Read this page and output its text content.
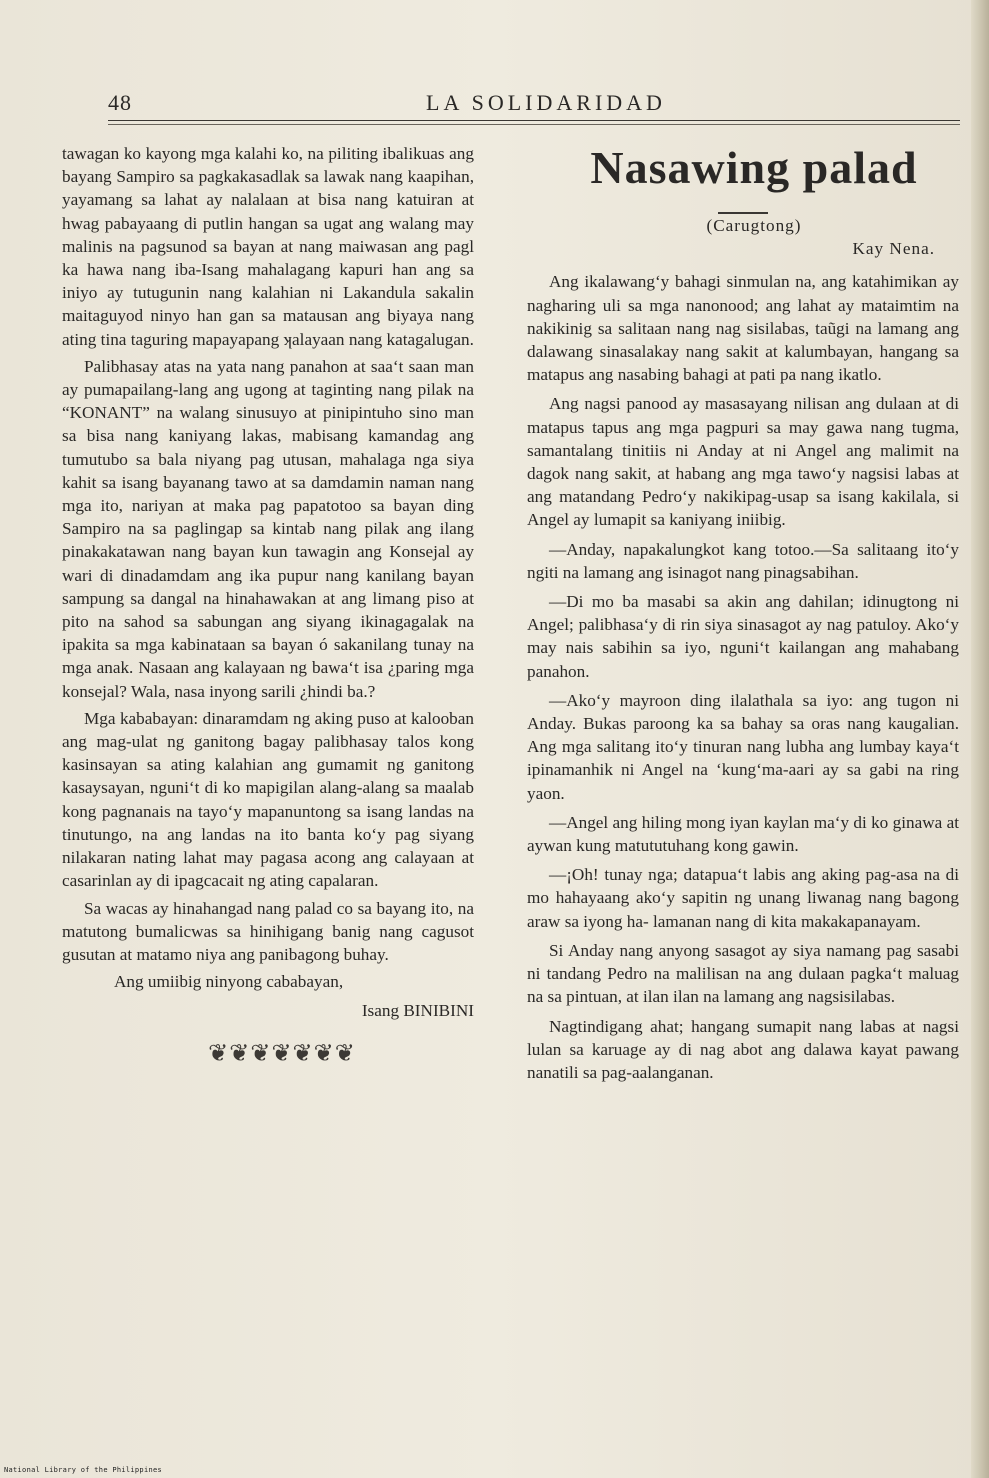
48	LA SOLIDARIDAD

tawagan ko kayong mga kalahi ko, na piliting ibalikuas ang bayang Sampiro sa pagkakasadlak sa lawak nang kaapihan, yayamang sa lahat ay nalalaan at bisa nang katuiran at hwag pabayaang di putlin hangan sa ugat ang walang may malinis na pagsunod sa bayan at nang maiwasan ang pagl ka hawa nang iba-Isang mahalagang kapuri han ang sa iniyo ay tutugunin nang kalahian ni Lakandula sakalin maitaguyod ninyo han gan sa matausan ang biyaya nang ating tina taguring mapayapang ʞalayaan nang katagalugan.

Palibhasay atas na yata nang panahon at saa‘t saan man ay pumapailang-lang ang ugong at taginting nang pilak na “KONANT” na walang sinusuyo at pinipintuho sino man sa bisa nang kaniyang lakas, mabisang kamandag ang tumutubo sa bala niyang pag utusan, mahalaga nga siya kahit sa isang bayanang tawo at sa damdamin naman nang mga ito, nariyan at maka pag papatotoo sa bayan ding Sampiro na sa paglingap sa kintab nang pilak ang ilang pinakakatawan nang bayan kun tawagin ang Konsejal ay wari di dinadamdam ang ika pupur nang kanilang bayan sampung sa dangal na hinahawakan at ang limang piso at pito na sahod sa sabungan ang siyang ikinagagalak na ipakita sa mga kabinataan sa bayan ó sakanilang tunay na mga anak. Nasaan ang kalayaan ng bawa‘t isa ¿paring mga konsejal? Wala, nasa inyong sarili ¿hindi ba.?

Mga kababayan: dinaramdam ng aking puso at kalooban ang mag-ulat ng ganitong bagay palibhasay talos kong kasinsayan sa ating kalahian ang gumamit ng ganitong kasaysayan, nguni‘t di ko mapigilan alang-alang sa maalab kong pagnanais na tayo‘y mapanuntong sa isang landas na tinutungo, na ang landas na ito banta ko‘y pag siyang nilakaran nating lahat may pagasa acong ang calayaan at casarinlan ay di ipagcacait ng ating capalaran.

Sa wacas ay hinahangad nang palad co sa bayang ito, na matutong bumalicwas sa hinihigang banig nang cagusot gusutan at matamo niya ang panibagong buhay.

Ang umiibig ninyong cababayan,

Isang BINIBINI

❦❦❦❦❦❦❦

Nasawing palad

(Carugtong)

Kay Nena.

Ang ikalawang‘y bahagi sinmulan na, ang katahimikan ay nagharing uli sa mga nanonood; ang lahat ay mataimtim na nakikinig sa salitaan nang nag sisilabas, taũgi na lamang ang dalawang sinasalakay nang sakit at kalumbayan, hangang sa matapus ang nasabing bahagi at pati pa nang ikatlo.

Ang nagsi panood ay masasayang nilisan ang dulaan at di matapus tapus ang mga pagpuri sa may gawa nang tugma, samantalang tinitiis ni Anday at ni Angel ang malimit na dagok nang sakit, at habang ang mga tawo‘y nagsisi labas at ang matandang Pedro‘y nakikipag-usap sa isang kakilala, si Angel ay lumapit sa kaniyang iniibig.

—Anday, napakalungkot kang totoo.—Sa salitaang ito‘y ngiti na lamang ang isinagot nang pinagsabihan.

—Di mo ba masabi sa akin ang dahilan; idinugtong ni Angel; palibhasa‘y di rin siya sinasagot ay nag patuloy. Ako‘y may nais sabihin sa iyo, nguni‘t kailangan ang mahabang panahon.

—Ako‘y mayroon ding ilalathala sa iyo: ang tugon ni Anday. Bukas paroong ka sa bahay sa oras nang kaugalian. Ang mga salitang ito‘y tinuran nang lubha ang lumbay kaya‘t ipinamanhik ni Angel na ‘kung‘ma-aari ay sa gabi na ring yaon.

—Angel ang hiling mong iyan kaylan ma‘y di ko ginawa at aywan kung matututuhang kong gawin.

—¡Oh! tunay nga; datapua‘t labis ang aking pag-asa na di mo hahayaang ako‘y sapitin ng unang liwanag nang bagong araw sa iyong ha‑ lamanan nang di kita makakapanayam.

Si Anday nang anyong sasagot ay siya namang pag sasabi ni tandang Pedro na malilisan na ang dulaan pagka‘t maluag na sa pintuan, at ilan ilan na lamang ang nagsisilabas.

Nagtindigang ahat; hangang sumapit nang labas at nagsi lulan sa karuage ay di nag abot ang dalawa kayat pawang nanatili sa pag-aalanganan.

National Library of the Philippines
